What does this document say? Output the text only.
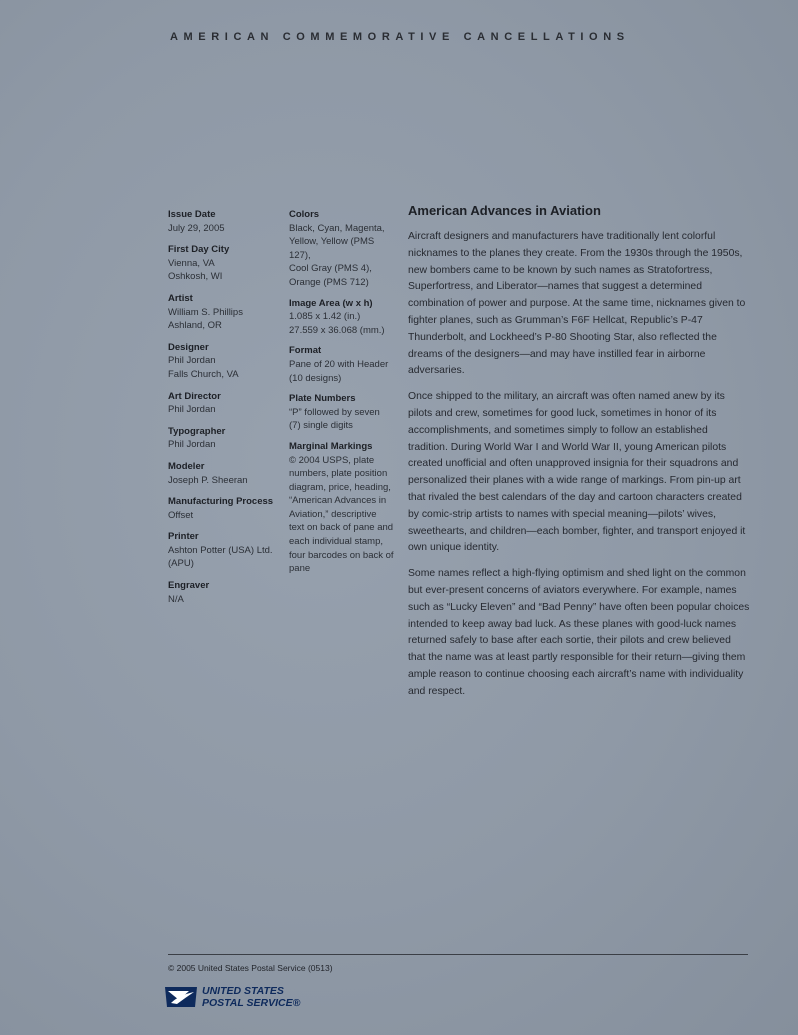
AMERICAN COMMEMORATIVE CANCELLATIONS
Issue Date
July 29, 2005
First Day City
Vienna, VA
Oshkosh, WI
Artist
William S. Phillips
Ashland, OR
Designer
Phil Jordan
Falls Church, VA
Art Director
Phil Jordan
Typographer
Phil Jordan
Modeler
Joseph P. Sheeran
Manufacturing Process
Offset
Printer
Ashton Potter (USA) Ltd.
(APU)
Engraver
N/A
Colors
Black, Cyan, Magenta,
Yellow, Yellow (PMS 127),
Cool Gray (PMS 4),
Orange (PMS 712)
Image Area (w x h)
1.085 x 1.42 (in.)
27.559 x 36.068 (mm.)
Format
Pane of 20 with Header
(10 designs)
Plate Numbers
“P” followed by seven
(7) single digits
Marginal Markings
© 2004 USPS, plate
numbers, plate position
diagram, price, heading,
“American Advances in
Aviation,” descriptive
text on back of pane and
each individual stamp,
four barcodes on back of
pane
American Advances in Aviation

Aircraft designers and manufacturers have traditionally lent colorful nicknames to the planes they create. From the 1930s through the 1950s, new bombers came to be known by such names as Stratofortress, Superfortress, and Liberator—names that suggest a determined combination of power and purpose. At the same time, nicknames given to fighter planes, such as Grumman’s F6F Hellcat, Republic’s P-47 Thunderbolt, and Lockheed’s P-80 Shooting Star, also reflected the dreams of the designers—and may have instilled fear in airborne adversaries.

Once shipped to the military, an aircraft was often named anew by its pilots and crew, sometimes for good luck, sometimes in honor of its accomplishments, and sometimes simply to follow an established tradition. During World War I and World War II, young American pilots created unofficial and often unapproved insignia for their squadrons and personalized their planes with a wide range of markings. From pin-up art that rivaled the best calendars of the day and cartoon characters created by comic-strip artists to names with special meaning—pilots’ wives, sweethearts, and children—each bomber, fighter, and transport enjoyed it own unique identity.

Some names reflect a high-flying optimism and shed light on the common but ever-present concerns of aviators everywhere. For example, names such as “Lucky Eleven” and “Bad Penny” have often been popular choices intended to keep away bad luck. As these planes with good-luck names returned safely to base after each sortie, their pilots and crew believed that the name was at least partly responsible for their return—giving them ample reason to continue choosing each aircraft’s name with individuality and respect.

© 2005 United States Postal Service (0513)
UNITED STATES
POSTAL SERVICE®
